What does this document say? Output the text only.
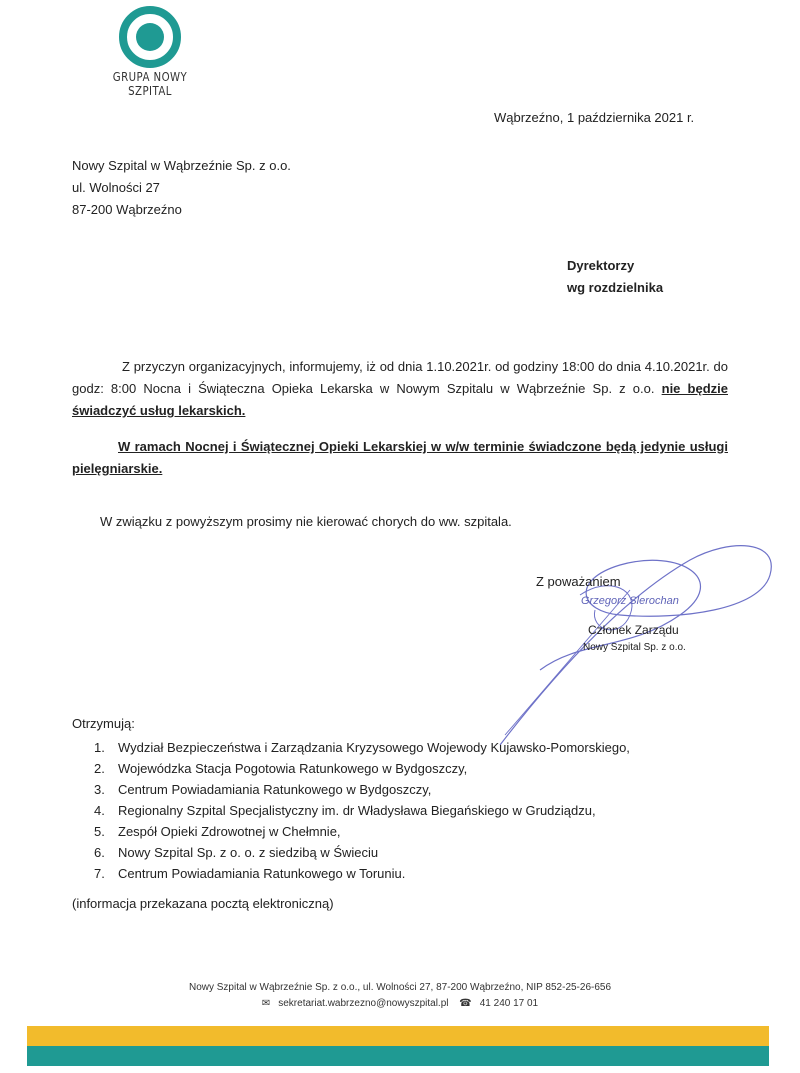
GRUPA NOWY SZPITAL
Wąbrzeźno, 1 października 2021 r.
Nowy Szpital w Wąbrzeźnie Sp. z o.o.
ul. Wolności 27
87-200 Wąbrzeźno
Dyrektorzy
wg rozdzielnika

Z przyczyn organizacyjnych, informujemy, iż od dnia 1.10.2021r. od godziny 18:00 do dnia 4.10.2021r. do godz: 8:00 Nocna i Świąteczna Opieka Lekarska w Nowym Szpitalu w Wąbrzeźnie Sp. z o.o. nie będzie świadczyć usług lekarskich.

W ramach Nocnej i Świątecznej Opieki Lekarskiej w w/w terminie świadczone będą jedynie usługi pielęgniarskie.

W związku z powyższym prosimy nie kierować chorych do ww. szpitala.
Z poważaniem
Grzegorz Slerochan
Członek Zarządu
Nowy Szpital Sp. z o.o.
Otrzymują:
1. Wydział Bezpieczeństwa i Zarządzania Kryzysowego Wojewody Kujawsko-Pomorskiego,
2. Wojewódzka Stacja Pogotowia Ratunkowego w Bydgoszczy,
3. Centrum Powiadamiania Ratunkowego w Bydgoszczy,
4. Regionalny Szpital Specjalistyczny im. dr Władysława Biegańskiego w Grudziądzu,
5. Zespół Opieki Zdrowotnej w Chełmnie,
6. Nowy Szpital Sp. z o. o. z siedzibą w Świeciu
7. Centrum Powiadamiania Ratunkowego w Toruniu.
(informacja przekazana pocztą elektroniczną)
Nowy Szpital w Wąbrzeźnie Sp. z o.o., ul. Wolności 27, 87-200 Wąbrzeźno, NIP 852-25-26-656
✉ sekretariat.wabrzezno@nowyszpital.pl ☎ 41 240 17 01
